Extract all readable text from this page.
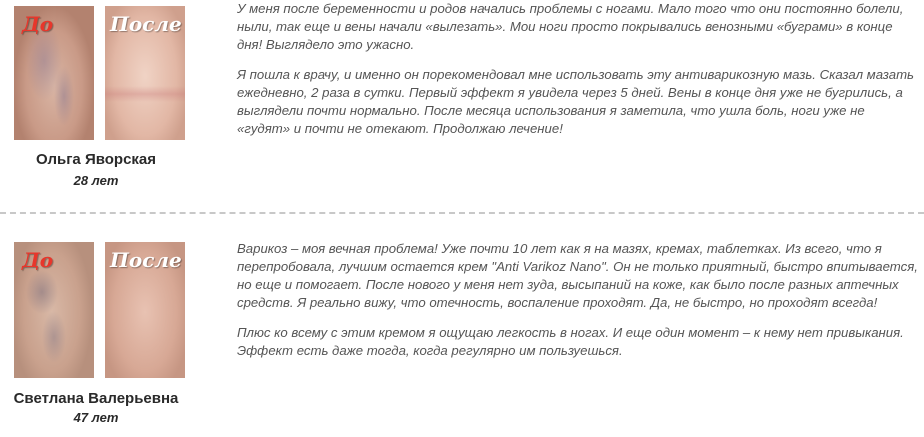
До	После
Ольга Яворская
28 лет

У меня после беременности и родов начались проблемы с ногами. Мало того что они постоянно болели, ныли, так еще и вены начали «вылезать». Мои ноги просто покрывались венозными «буграми» в конце дня! Выглядело это ужасно.

Я пошла к врачу, и именно он порекомендовал мне использовать эту антиварикозную мазь. Сказал мазать ежедневно, 2 раза в сутки. Первый эффект я увидела через 5 дней. Вены в конце дня уже не бугрились, а выглядели почти нормально. После месяца использования я заметила, что ушла боль, ноги уже не «гудят» и почти не отекают. Продолжаю лечение!

До	После
Светлана Валерьевна
47 лет

Варикоз – моя вечная проблема! Уже почти 10 лет как я на мазях, кремах, таблетках. Из всего, что я перепробовала, лучшим остается крем "Anti Varikoz Nano". Он не только приятный, быстро впитывается, но еще и помогает. После нового у меня нет зуда, высыпаний на коже, как было после разных аптечных средств. Я реально вижу, что отечность, воспаление проходят. Да, не быстро, но проходят всегда!

Плюс ко всему с этим кремом я ощущаю легкость в ногах. И еще один момент – к нему нет привыкания. Эффект есть даже тогда, когда регулярно им пользуешься.
